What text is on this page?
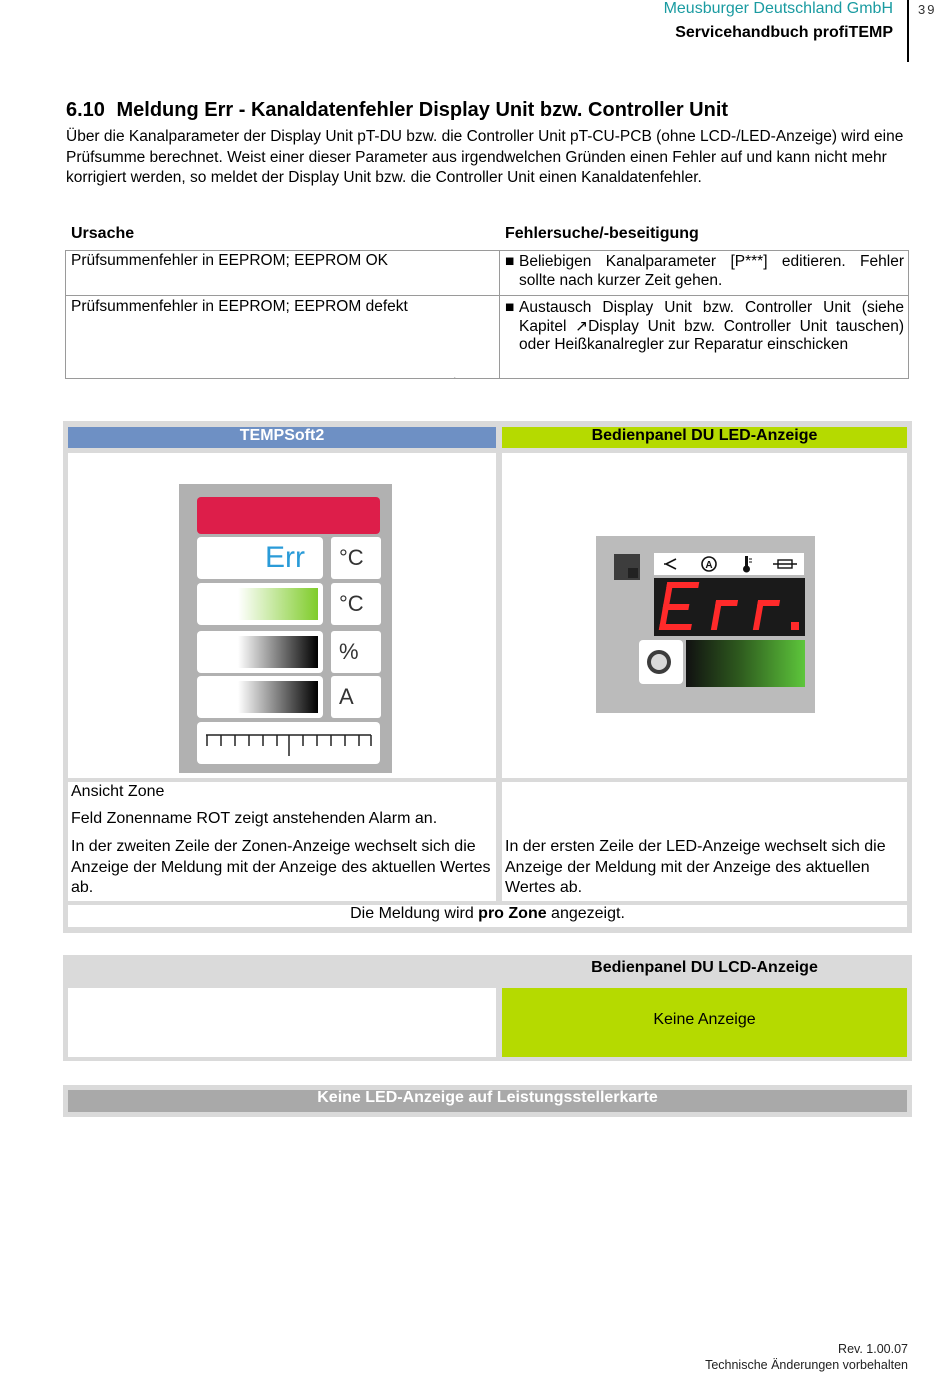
Meusburger Deutschland GmbH
Servicehandbuch profiTEMP
39
6.10 Meldung Err - Kanaldatenfehler Display Unit bzw. Controller Unit
Über die Kanalparameter der Display Unit pT-DU bzw. die Controller Unit pT-CU-PCB (ohne LCD-/LED-Anzeige) wird eine Prüfsumme berechnet. Weist einer dieser Parameter aus irgendwelchen Gründen einen Fehler auf und kann nicht mehr korrigiert werden, so meldet der Display Unit bzw. die Controller Unit einen Kanaldatenfehler.
Ursache	Fehlersuche/-beseitigung
Prüfsummenfehler in EEPROM; EEPROM OK	■ Beliebigen Kanalparameter [P***] editieren. Fehler sollte nach kurzer Zeit gehen.
Prüfsummenfehler in EEPROM; EEPROM defekt	■ Austausch Display Unit bzw. Controller Unit (siehe Kapitel ↗Display Unit bzw. Controller Unit tauschen) oder Heißkanalregler zur Reparatur einschicken
TEMPSoft2	Bedienpanel DU LED-Anzeige
Err	°C
°C
%
A
A
Err.
Ansicht Zone
Feld Zonenname ROT zeigt anstehenden Alarm an.
In der zweiten Zeile der Zonen-Anzeige wechselt sich die Anzeige der Meldung mit der Anzeige des aktuellen Wertes ab.
In der ersten Zeile der LED-Anzeige wechselt sich die Anzeige der Meldung mit der Anzeige des aktuellen Wertes ab.
Die Meldung wird pro Zone angezeigt.
Bedienpanel DU LCD-Anzeige
Keine Anzeige
Keine LED-Anzeige auf Leistungsstellerkarte
Rev. 1.00.07
Technische Änderungen vorbehalten
